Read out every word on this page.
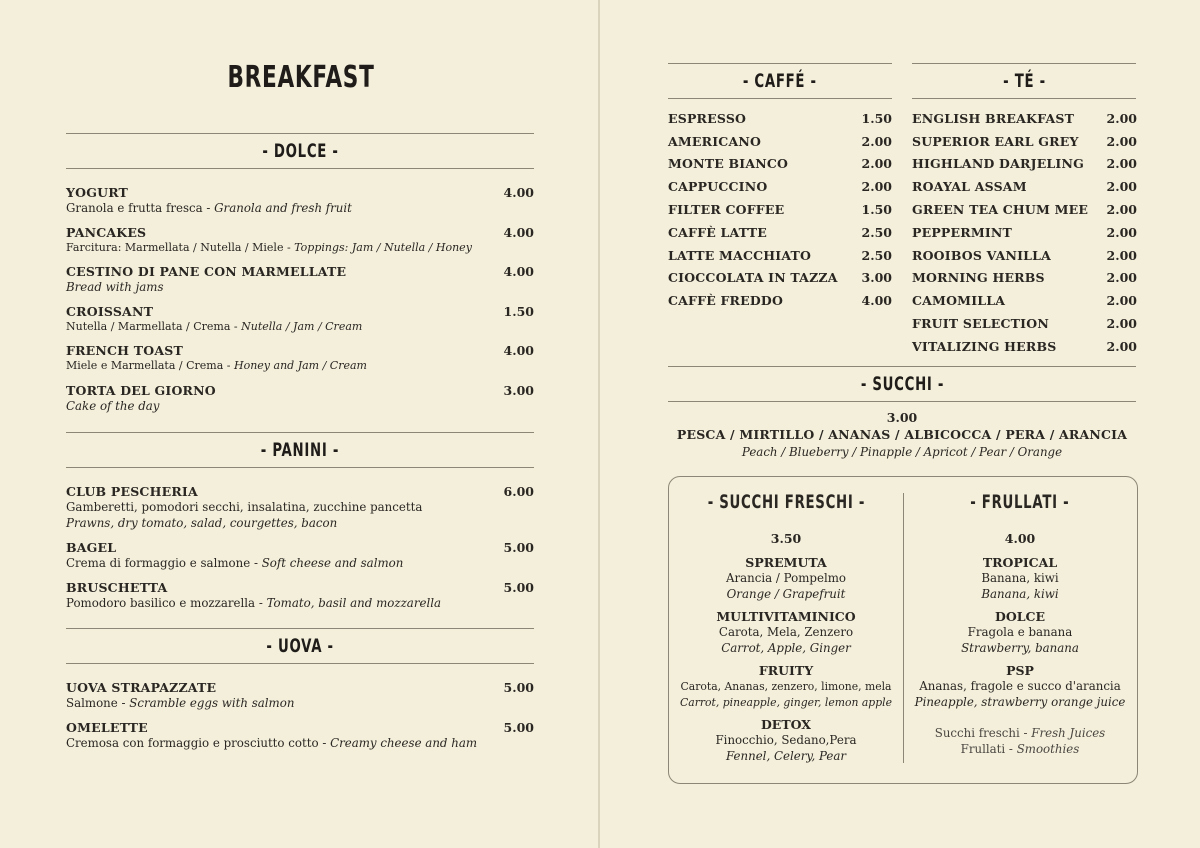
BREAKFAST
- DOLCE -
YOGURT	4.00
Granola e frutta fresca - Granola and fresh fruit
PANCAKES	4.00
Farcitura: Marmellata / Nutella / Miele - Toppings: Jam / Nutella / Honey
CESTINO DI PANE CON MARMELLATE	4.00
Bread with jams
CROISSANT	1.50
Nutella / Marmellata / Crema - Nutella / Jam / Cream
FRENCH TOAST	4.00
Miele e Marmellata / Crema - Honey and Jam / Cream
TORTA DEL GIORNO	3.00
Cake of the day
- PANINI -
CLUB PESCHERIA	6.00
Gamberetti, pomodori secchi, insalatina, zucchine pancetta
Prawns, dry tomato, salad, courgettes, bacon
BAGEL	5.00
Crema di formaggio e salmone - Soft cheese and salmon
BRUSCHETTA	5.00
Pomodoro basilico e mozzarella - Tomato, basil and mozzarella
- UOVA -
UOVA STRAPAZZATE	5.00
Salmone - Scramble eggs with salmon
OMELETTE	5.00
Cremosa con formaggio e prosciutto cotto - Creamy cheese and ham
- CAFFÉ -
ESPRESSO	1.50
AMERICANO	2.00
MONTE BIANCO	2.00
CAPPUCCINO	2.00
FILTER COFFEE	1.50
CAFFÈ LATTE	2.50
LATTE MACCHIATO	2.50
CIOCCOLATA IN TAZZA 3.00
CAFFÈ FREDDO	4.00
- TÉ -
ENGLISH BREAKFAST	2.00
SUPERIOR EARL GREY 2.00
HIGHLAND DARJELING 2.00
ROAYAL ASSAM	2.00
GREEN TEA CHUM MEE 2.00
PEPPERMINT	2.00
ROOIBOS VANILLA	2.00
MORNING HERBS	2.00
CAMOMILLA	2.00
FRUIT SELECTION	2.00
VITALIZING HERBS	2.00
- SUCCHI -
3.00
PESCA / MIRTILLO / ANANAS / ALBICOCCA / PERA / ARANCIA
Peach / Blueberry / Pinapple / Apricot / Pear / Orange
- SUCCHI FRESCHI -
3.50
SPREMUTA
Arancia / Pompelmo
Orange / Grapefruit
MULTIVITAMINICO
Carota, Mela, Zenzero
Carrot, Apple, Ginger
FRUITY
Carota, Ananas, zenzero, limone, mela
Carrot, pineapple, ginger, lemon apple
DETOX
Finocchio, Sedano,Pera
Fennel, Celery, Pear
- FRULLATI -
4.00
TROPICAL
Banana, kiwi
Banana, kiwi
DOLCE
Fragola e banana
Strawberry, banana
PSP
Ananas, fragole e succo d'arancia
Pineapple, strawberry orange juice
Succhi freschi - Fresh Juices
Frullati - Smoothies
